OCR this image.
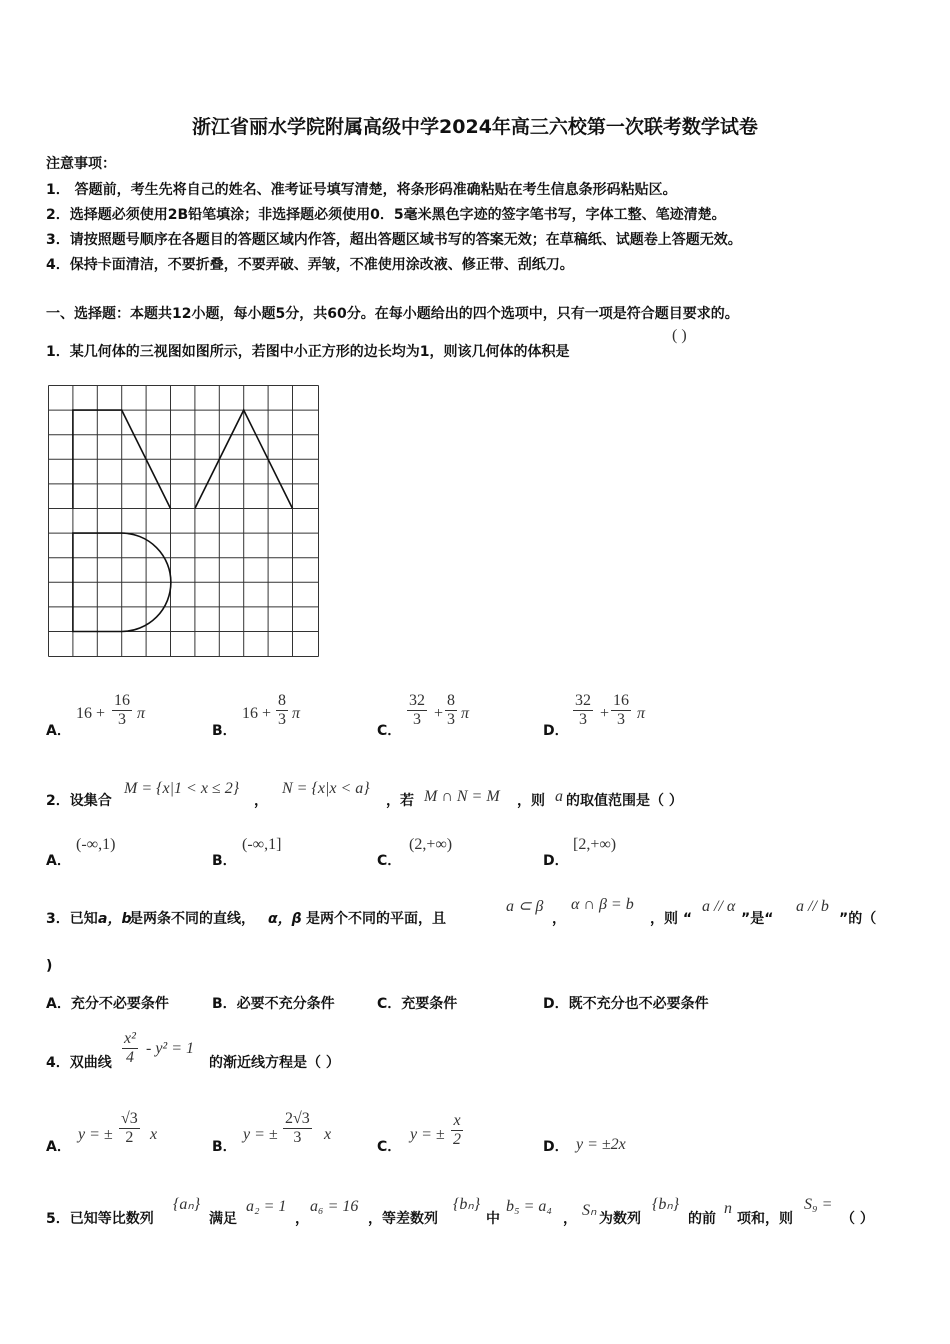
浙江省丽水学院附属高级中学2024年高三六校第一次联考数学试卷
注意事项：
1． 答题前，考生先将自己的姓名、准考证号填写清楚，将条形码准确粘贴在考生信息条形码粘贴区。
2．选择题必须使用2B铅笔填涂；非选择题必须使用0．5毫米黑色字迹的签字笔书写，字体工整、笔迹清楚。
3．请按照题号顺序在各题目的答题区域内作答，超出答题区域书写的答案无效；在草稿纸、试题卷上答题无效。
4．保持卡面清洁，不要折叠，不要弄破、弄皱，不准使用涂改液、修正带、刮纸刀。
一、选择题：本题共12小题，每小题5分，共60分。在每小题给出的四个选项中，只有一项是符合题目要求的。
1．某几何体的三视图如图所示，若图中小正方形的边长均为1，则该几何体的体积是
( )
A．
$16 + \frac{16}{3}$ π
B．
$16 + \frac{8}{3}$ π
C．
$\frac{32}{3} + \frac{8}{3}$ π
D．
$\frac{32}{3} + \frac{16}{3}$ π
2．设集合
M = {x|1 < x ≤ 2}
，
N = {x|x < a}
，若 M ∩ N = M ，则 a 的取值范围是（ ）
A．
(-∞,1)
B．
(-∞,1]
C．
(2,+∞)
D．
[2,+∞)
3．已知 a，b
是两条不同的直线， α，β 是两个不同的平面，且
a ⊂ β
，
α ∩ β = b
，则 “
a // α
”是“
a // b
”的（
)
A．充分不必要条件	B．必要不充分条件	C．充要条件	D．既不充分也不必要条件
4．双曲线 $\frac{\text{x²}}{4} - y^2 = 1$
的渐近线方程是（ ）
A．
y = ± $\frac{√3}{2}$ x
B．
y = ± $\frac{2√3}{3}$ x
C．
y = ± $\frac{x}{2}$	D． y = ±2x
5．已知等比数列
{aₙ}
满足
a₂ = 1
，
a₆ = 16
，等差数列
{bₙ}
中
b₅ = a₄
， Sₙ 为数列
{bₙ}
的前
n
项和，则
S₉ =
（ ）
